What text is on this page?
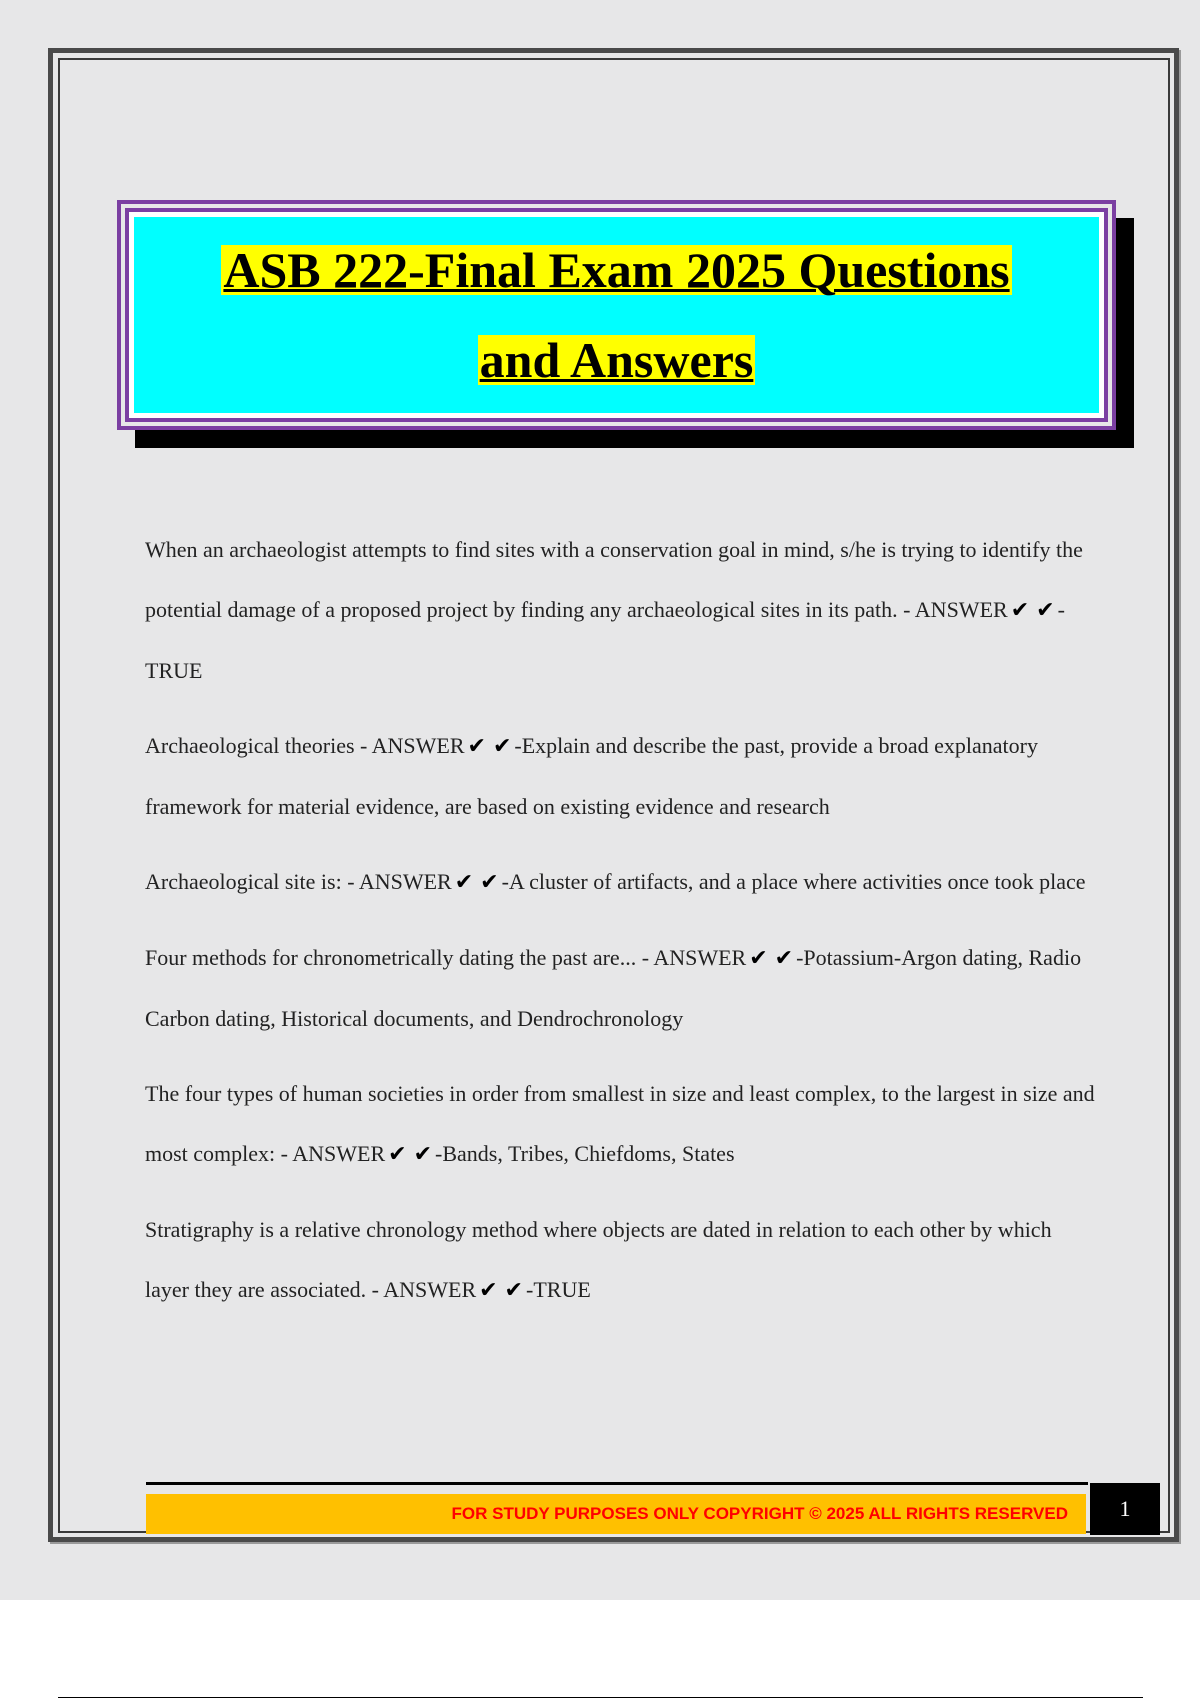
ASB 222-Final Exam 2025 Questions
and Answers

When an archaeologist attempts to find sites with a conservation goal in mind, s/he is trying to identify the potential damage of a proposed project by finding any archaeological sites in its path. - ANSWER ✔ ✔ -TRUE

Archaeological theories - ANSWER ✔ ✔ -Explain and describe the past, provide a broad explanatory framework for material evidence, are based on existing evidence and research

Archaeological site is: - ANSWER ✔ ✔ -A cluster of artifacts, and a place where activities once took place

Four methods for chronometrically dating the past are... - ANSWER ✔ ✔ -Potassium-Argon dating, Radio Carbon dating, Historical documents, and Dendrochronology

The four types of human societies in order from smallest in size and least complex, to the largest in size and most complex: - ANSWER ✔ ✔ -Bands, Tribes, Chiefdoms, States

Stratigraphy is a relative chronology method where objects are dated in relation to each other by which layer they are associated. - ANSWER ✔ ✔ -TRUE

FOR STUDY PURPOSES ONLY COPYRIGHT © 2025 ALL RIGHTS RESERVED 1
